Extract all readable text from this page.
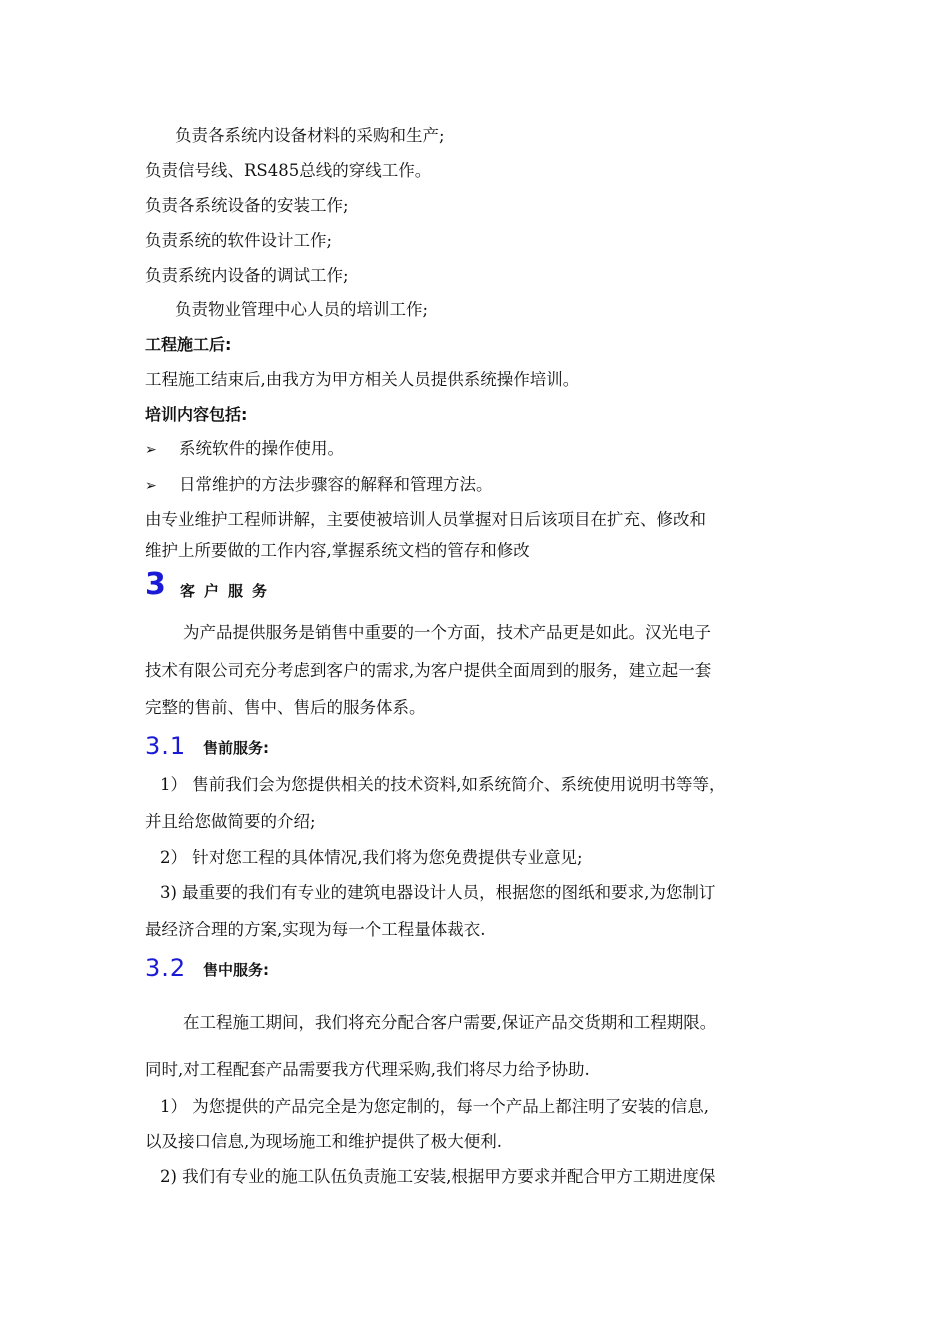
负责各系统内设备材料的采购和生产;
负责信号线、RS485总线的穿线工作。
负责各系统设备的安装工作;
负责系统的软件设计工作;
负责系统内设备的调试工作;
负责物业管理中心人员的培训工作;
工程施工后:
工程施工结束后,由我方为甲方相关人员提供系统操作培训。
培训内容包括:
➢ 系统软件的操作使用。
➢ 日常维护的方法步骤容的解释和管理方法。
由专业维护工程师讲解，主要使被培训人员掌握对日后该项目在扩充、修改和
维护上所要做的工作内容,掌握系统文档的管存和修改
3 客户服务
为产品提供服务是销售中重要的一个方面，技术产品更是如此。汉光电子
技术有限公司充分考虑到客户的需求,为客户提供全面周到的服务，建立起一套
完整的售前、售中、售后的服务体系。
3.1 售前服务:
1） 售前我们会为您提供相关的技术资料,如系统简介、系统使用说明书等等，
并且给您做简要的介绍;
2） 针对您工程的具体情况,我们将为您免费提供专业意见;
3) 最重要的我们有专业的建筑电器设计人员，根据您的图纸和要求,为您制订
最经济合理的方案,实现为每一个工程量体裁衣.
3.2 售中服务:
在工程施工期间，我们将充分配合客户需要,保证产品交货期和工程期限。
同时,对工程配套产品需要我方代理采购,我们将尽力给予协助.
1） 为您提供的产品完全是为您定制的，每一个产品上都注明了安装的信息,
以及接口信息,为现场施工和维护提供了极大便利.
2) 我们有专业的施工队伍负责施工安装,根据甲方要求并配合甲方工期进度保
